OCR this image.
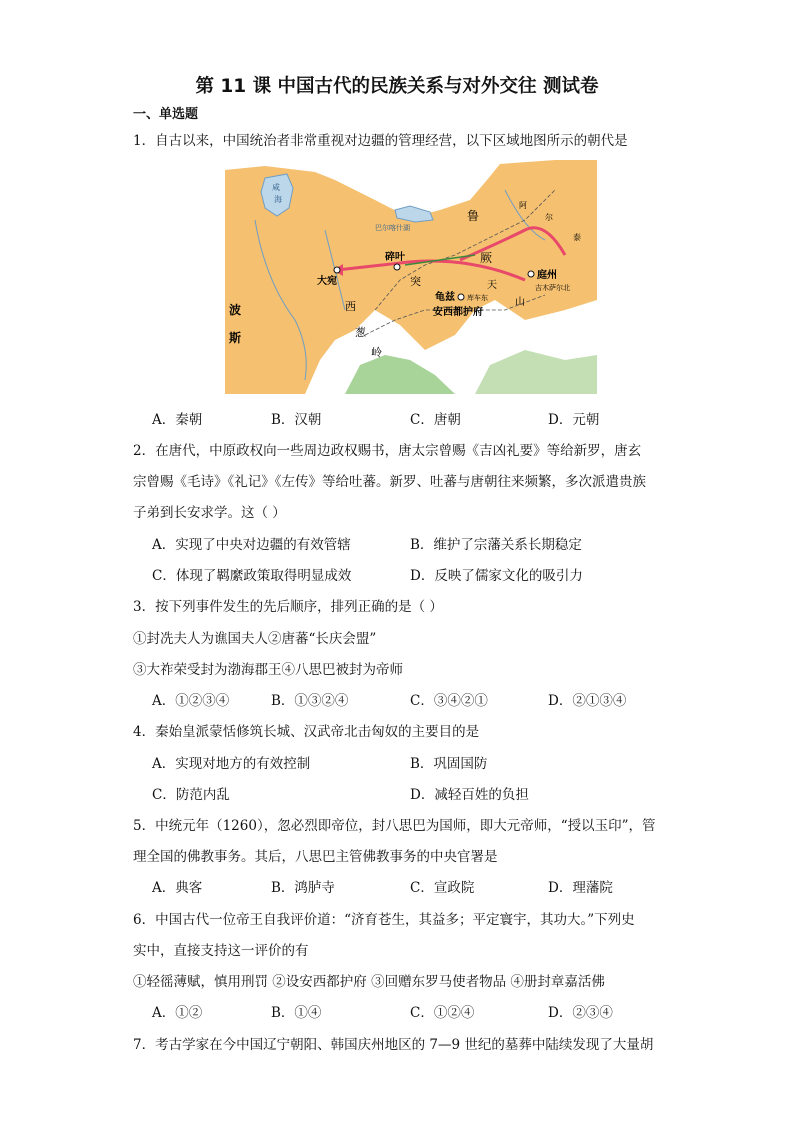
第 11 课 中国古代的民族关系与对外交往 测试卷
一、单选题
1．自古以来，中国统治者非常重视对边疆的管理经营，以下区域地图所示的朝代是
咸
海
巴尔喀什湖
碎叶
大宛
庭州
吉木萨尔北
龟兹 库车东
安西都护府
突
厥
鲁
天
山
西
葱
岭
波
斯
阿
尔
泰
A．秦朝	B．汉朝	C．唐朝	D．元朝
2．在唐代，中原政权向一些周边政权赐书，唐太宗曾赐《吉凶礼要》等给新罗，唐玄
宗曾赐《毛诗》《礼记》《左传》等给吐蕃。新罗、吐蕃与唐朝往来频繁，多次派遣贵族
子弟到长安求学。这（ ）
A．实现了中央对边疆的有效管辖	B．维护了宗藩关系长期稳定
C．体现了羁縻政策取得明显成效	D．反映了儒家文化的吸引力
3．按下列事件发生的先后顺序，排列正确的是（ ）
①封冼夫人为谯国夫人②唐蕃“长庆会盟”
③大祚荣受封为渤海郡王④八思巴被封为帝师
A．①②③④	B．①③②④	C．③④②①	D．②①③④
4．秦始皇派蒙恬修筑长城、汉武帝北击匈奴的主要目的是
A．实现对地方的有效控制	B．巩固国防
C．防范内乱	D．减轻百姓的负担
5．中统元年（1260），忽必烈即帝位，封八思巴为国师，即大元帝师，“授以玉印”，管
理全国的佛教事务。其后，八思巴主管佛教事务的中央官署是
A．典客	B．鸿胪寺	C．宣政院	D．理藩院
6．中国古代一位帝王自我评价道：“济育苍生，其益多；平定寰宇，其功大。”下列史
实中，直接支持这一评价的有
①轻徭薄赋，慎用刑罚 ②设安西都护府 ③回赠东罗马使者物品 ④册封章嘉活佛
A．①②	B．①④	C．①②④	D．②③④
7．考古学家在今中国辽宁朝阳、韩国庆州地区的 7—9 世纪的墓葬中陆续发现了大量胡
